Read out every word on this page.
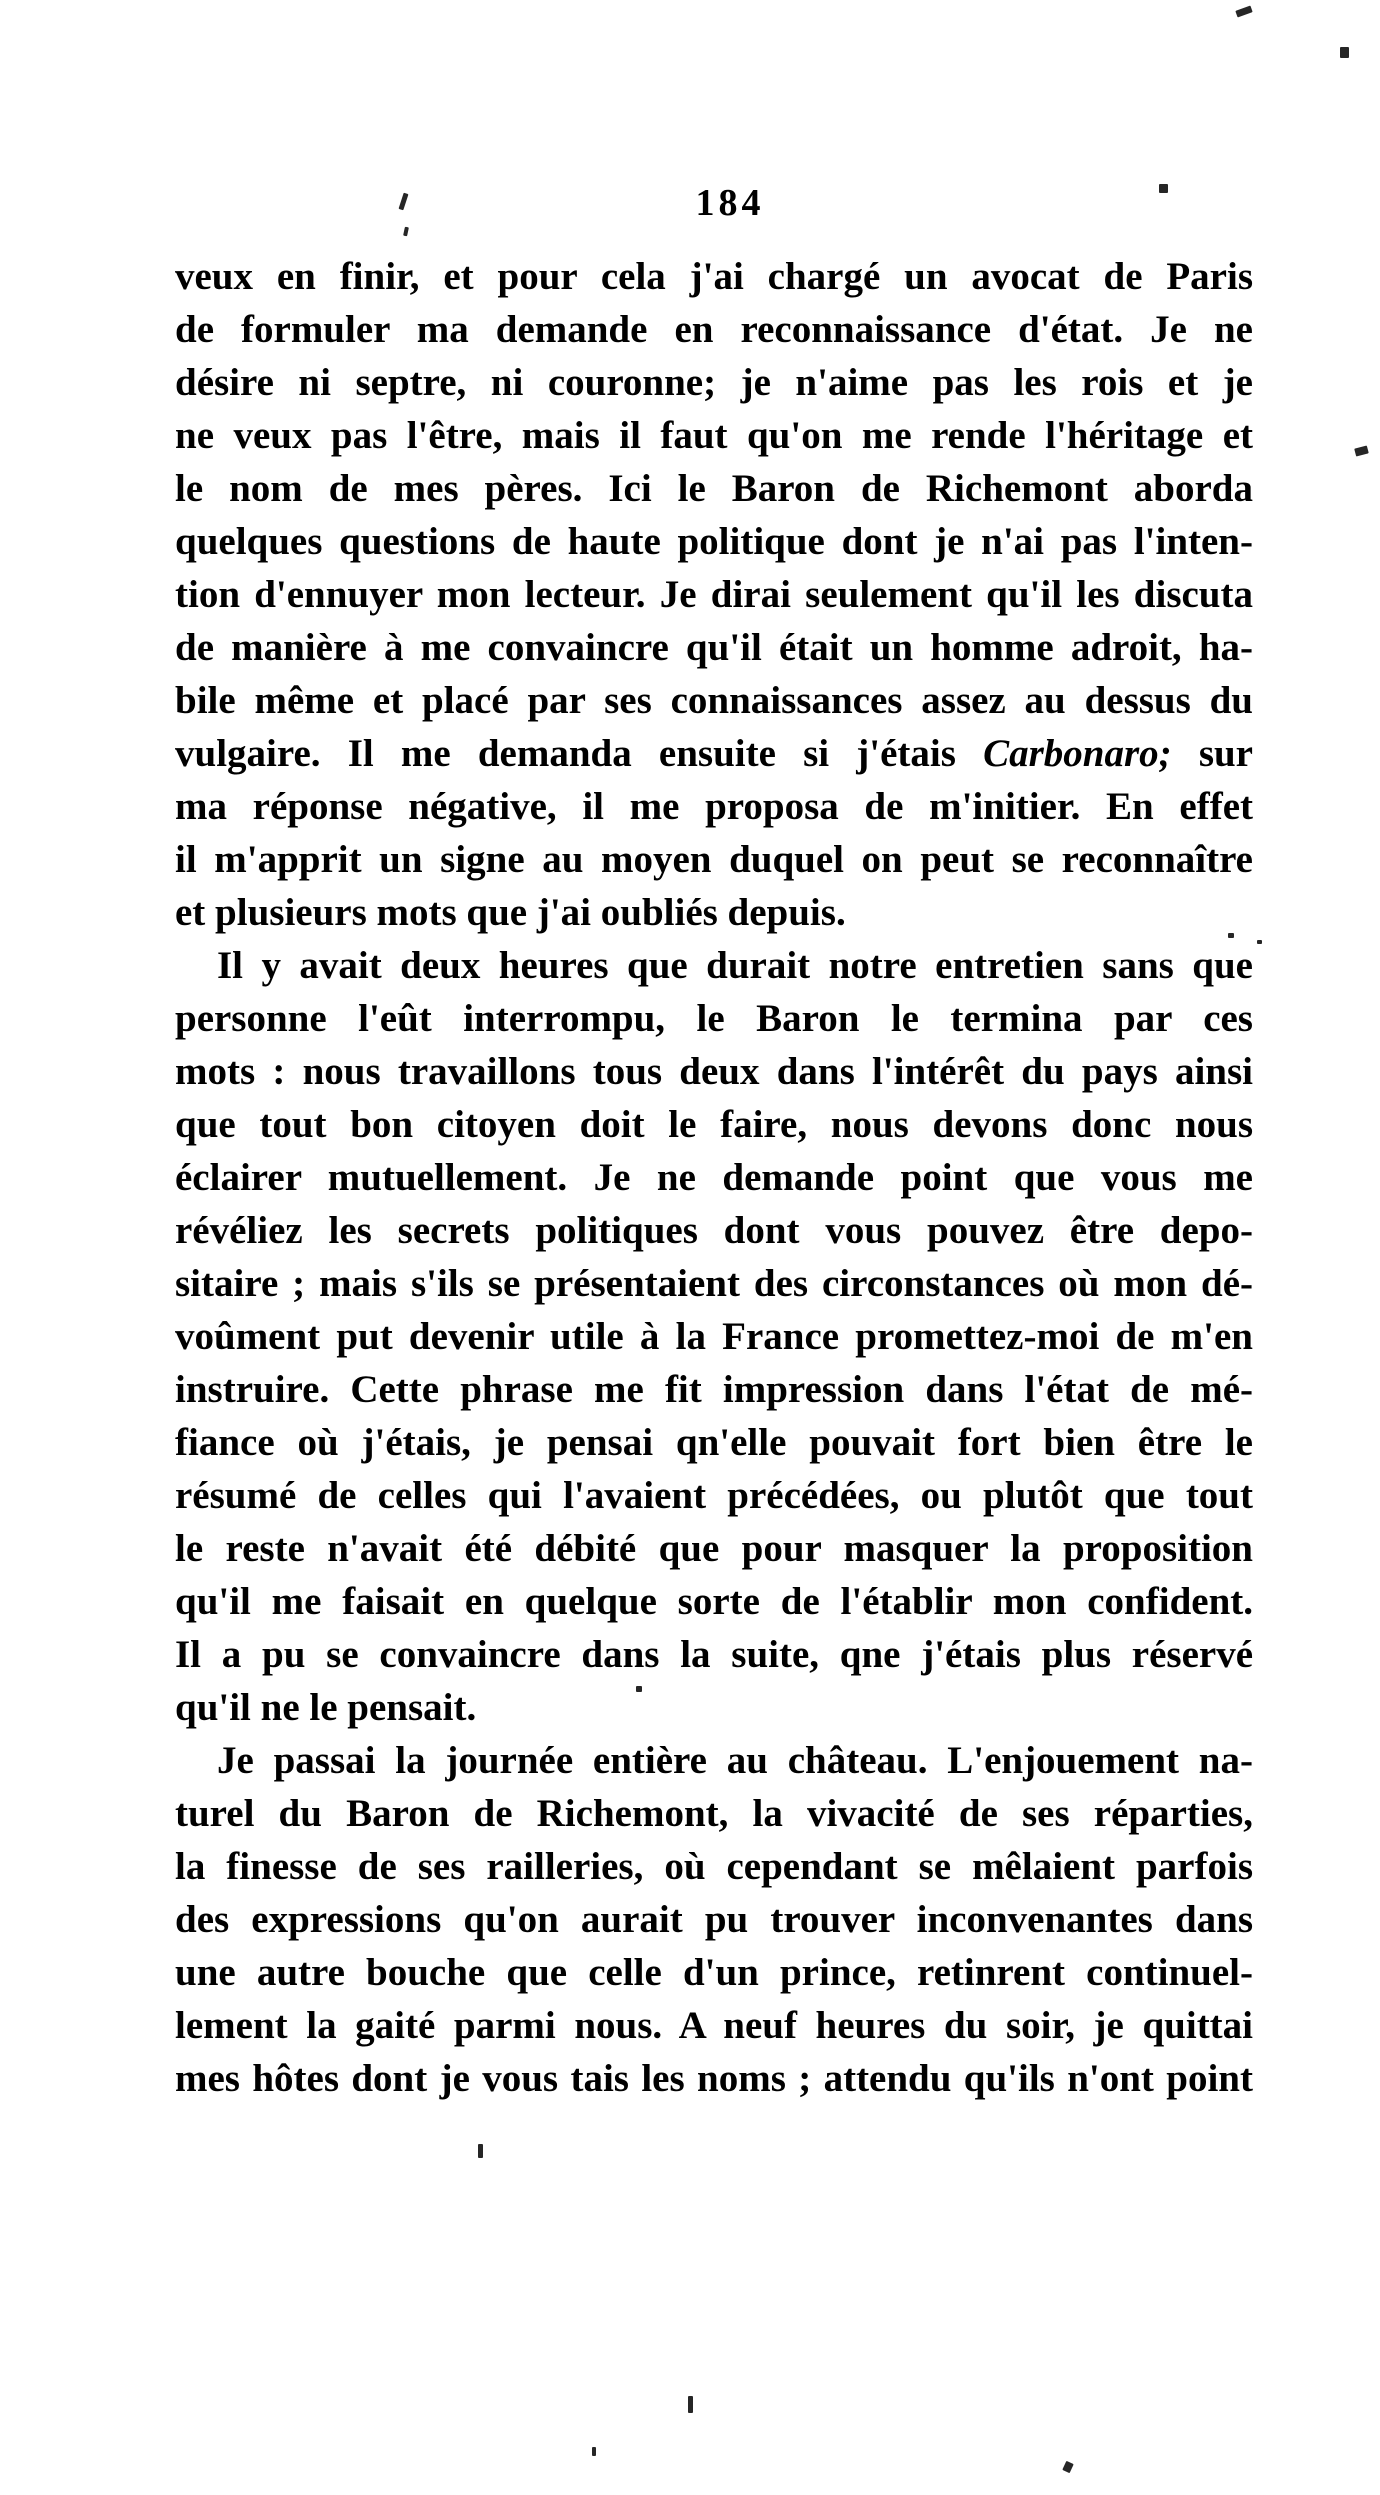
184
veux en finir, et pour cela j'ai chargé un avocat de Paris
de formuler ma demande en reconnaissance d'état. Je ne
désire ni septre, ni couronne; je n'aime pas les rois et je
ne veux pas l'être, mais il faut qu'on me rende l'héritage et
le nom de mes pères. Ici le Baron de Richemont aborda
quelques questions de haute politique dont je n'ai pas l'inten-
tion d'ennuyer mon lecteur. Je dirai seulement qu'il les discuta
de manière à me convaincre qu'il était un homme adroit, ha-
bile même et placé par ses connaissances assez au dessus du
vulgaire. Il me demanda ensuite si j'étais Carbonaro; sur
ma réponse négative, il me proposa de m'initier. En effet
il m'apprit un signe au moyen duquel on peut se reconnaître
et plusieurs mots que j'ai oubliés depuis.
Il y avait deux heures que durait notre entretien sans que
personne l'eût interrompu, le Baron le termina par ces
mots : nous travaillons tous deux dans l'intérêt du pays ainsi
que tout bon citoyen doit le faire, nous devons donc nous
éclairer mutuellement. Je ne demande point que vous me
révéliez les secrets politiques dont vous pouvez être depo-
sitaire ; mais s'ils se présentaient des circonstances où mon dé-
voûment put devenir utile à la France promettez-moi de m'en
instruire. Cette phrase me fit impression dans l'état de mé-
fiance où j'étais, je pensai qn'elle pouvait fort bien être le
résumé de celles qui l'avaient précédées, ou plutôt que tout
le reste n'avait été débité que pour masquer la proposition
qu'il me faisait en quelque sorte de l'établir mon confident.
Il a pu se convaincre dans la suite, qne j'étais plus réservé
qu'il ne le pensait.
Je passai la journée entière au château. L'enjouement na-
turel du Baron de Richemont, la vivacité de ses réparties,
la finesse de ses railleries, où cependant se mêlaient parfois
des expressions qu'on aurait pu trouver inconvenantes dans
une autre bouche que celle d'un prince, retinrent continuel-
lement la gaité parmi nous. A neuf heures du soir, je quittai
mes hôtes dont je vous tais les noms ; attendu qu'ils n'ont point
